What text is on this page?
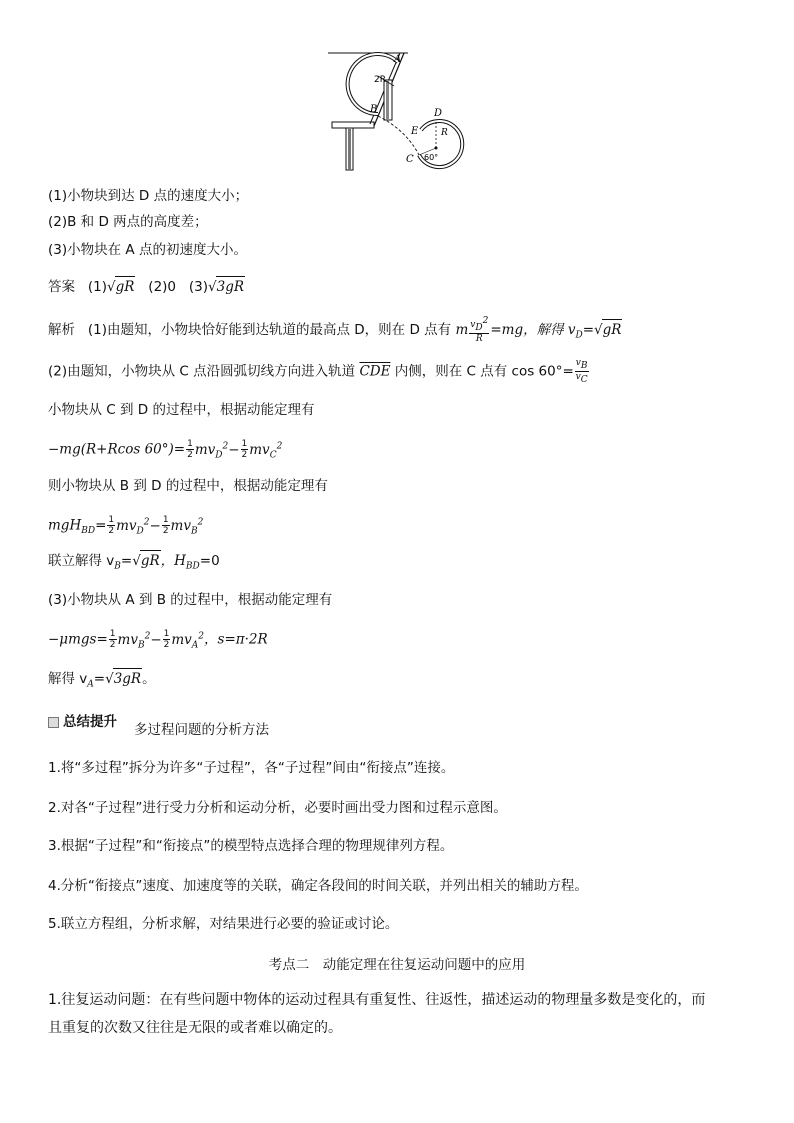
A
B
2R
D
E	R
C 60°
(1)小物块到达 D 点的速度大小；
(2)B 和 D 两点的高度差；
(3)小物块在 A 点的初速度大小。
答案 (1)√gR (2)0 (3)√3gR
解析 (1)由题知，小物块恰好能到达轨道的最高点 D，则在 D 点有 m $\frac{v_D^2}{R} =mg$，解得 $v_D=√gR$
(2)由题知，小物块从 C 点沿圆弧切线方向进入轨道 $\overline{CDE}$ 内侧，则在 C 点有 $\cos 60^\circ= \frac{v_B}{v_C}$
小物块从 C 到 D 的过程中，根据动能定理有
−mg(R+Rcos $60^\circ)= \frac{1}{2} mv_D^2- \frac{1}{2} mv_C^2$
则小物块从 B 到 D 的过程中，根据动能定理有
$mgH_{BD}= \frac{1}{2} mv_D^2- \frac{1}{2} mv_B^2$
联立解得 $v_B=√gR$，$H_{BD}=0$
(3)小物块从 A 到 B 的过程中，根据动能定理有
$-\mu mgs= \frac{1}{2} mv_B^2- \frac{1}{2} mv_A^2$，s=π·2R
解得 $v_A=√3gR$。
总结提升 多过程问题的分析方法
1.将“多过程”拆分为许多“子过程”，各“子过程”间由“衔接点”连接。
2.对各“子过程”进行受力分析和运动分析，必要时画出受力图和过程示意图。
3.根据“子过程”和“衔接点”的模型特点选择合理的物理规律列方程。
4.分析“衔接点”速度、加速度等的关联，确定各段间的时间关联，并列出相关的辅助方程。
5.联立方程组，分析求解，对结果进行必要的验证或讨论。
考点二　动能定理在往复运动问题中的应用
1.往复运动问题：在有些问题中物体的运动过程具有重复性、往返性，描述运动的物理量多数是变化的，而
且重复的次数又往往是无限的或者难以确定的。
